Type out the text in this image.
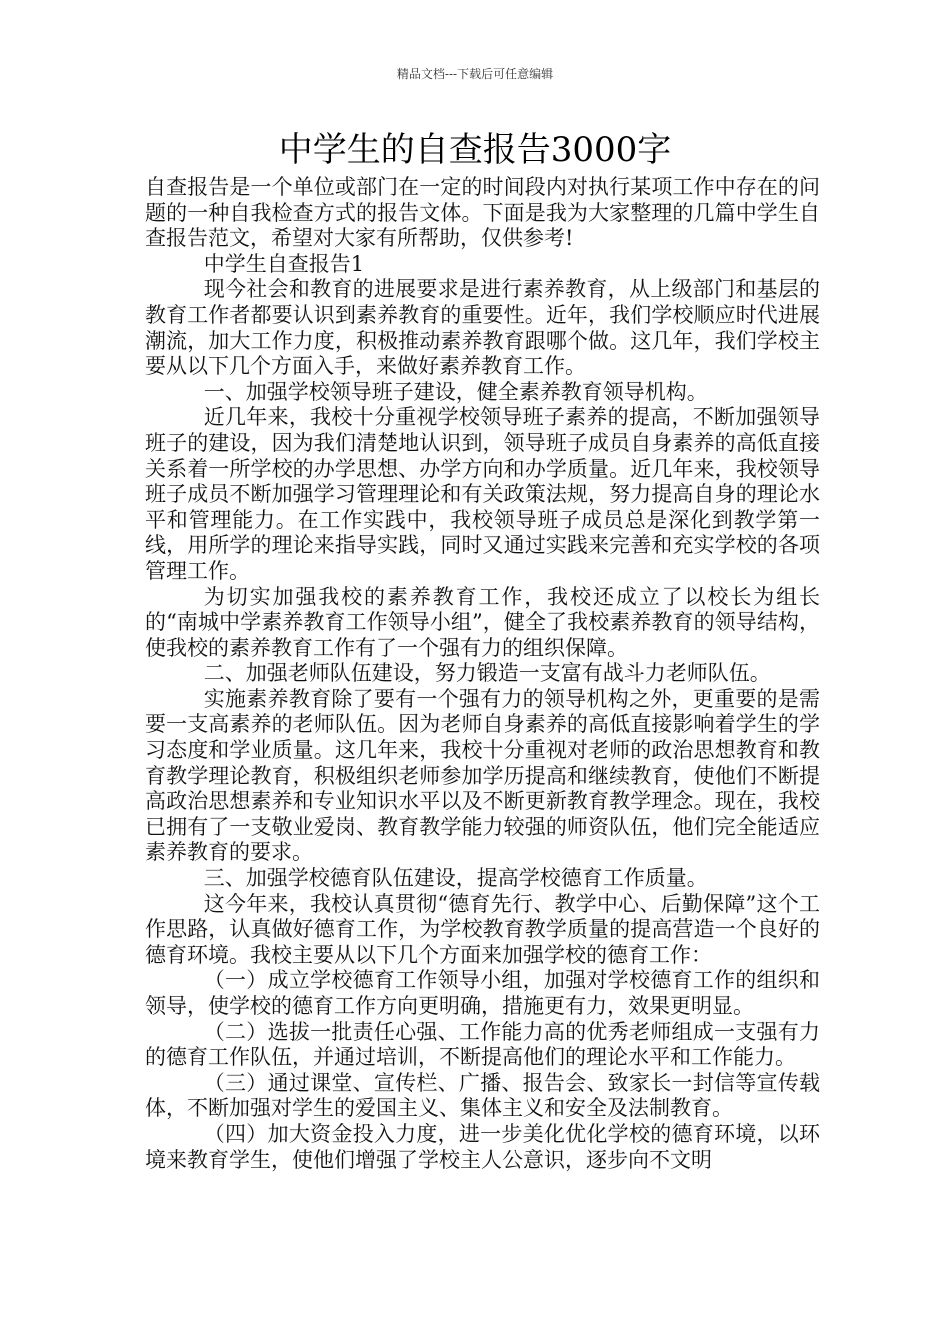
精品文档---下载后可任意编辑
中学生的自查报告3000字

自查报告是一个单位或部门在一定的时间段内对执行某项工作中存在的问题的一种自我检查方式的报告文体。下面是我为大家整理的几篇中学生自查报告范文，希望对大家有所帮助，仅供参考!

中学生自查报告1

现今社会和教育的进展要求是进行素养教育，从上级部门和基层的教育工作者都要认识到素养教育的重要性。近年，我们学校顺应时代进展潮流，加大工作力度，积极推动素养教育跟哪个做。这几年，我们学校主要从以下几个方面入手，来做好素养教育工作。

一、加强学校领导班子建设，健全素养教育领导机构。

近几年来，我校十分重视学校领导班子素养的提高，不断加强领导班子的建设，因为我们清楚地认识到，领导班子成员自身素养的高低直接关系着一所学校的办学思想、办学方向和办学质量。近几年来，我校领导班子成员不断加强学习管理理论和有关政策法规，努力提高自身的理论水平和管理能力。在工作实践中，我校领导班子成员总是深化到教学第一线，用所学的理论来指导实践，同时又通过实践来完善和充实学校的各项管理工作。

为切实加强我校的素养教育工作，我校还成立了以校长为组长的“南城中学素养教育工作领导小组”，健全了我校素养教育的领导结构，使我校的素养教育工作有了一个强有力的组织保障。

二、加强老师队伍建设，努力锻造一支富有战斗力老师队伍。

实施素养教育除了要有一个强有力的领导机构之外，更重要的是需要一支高素养的老师队伍。因为老师自身素养的高低直接影响着学生的学习态度和学业质量。这几年来，我校十分重视对老师的政治思想教育和教育教学理论教育，积极组织老师参加学历提高和继续教育，使他们不断提高政治思想素养和专业知识水平以及不断更新教育教学理念。现在，我校已拥有了一支敬业爱岗、教育教学能力较强的师资队伍，他们完全能适应素养教育的要求。

三、加强学校德育队伍建设，提高学校德育工作质量。

这今年来，我校认真贯彻“德育先行、教学中心、后勤保障”这个工作思路，认真做好德育工作，为学校教育教学质量的提高营造一个良好的德育环境。我校主要从以下几个方面来加强学校的德育工作：

（一）成立学校德育工作领导小组，加强对学校德育工作的组织和领导，使学校的德育工作方向更明确，措施更有力，效果更明显。

（二）选拔一批责任心强、工作能力高的优秀老师组成一支强有力的德育工作队伍，并通过培训，不断提高他们的理论水平和工作能力。

（三）通过课堂、宣传栏、广播、报告会、致家长一封信等宣传载体，不断加强对学生的爱国主义、集体主义和安全及法制教育。

（四）加大资金投入力度，进一步美化优化学校的德育环境，以环境来教育学生，使他们增强了学校主人公意识，逐步向不文明
